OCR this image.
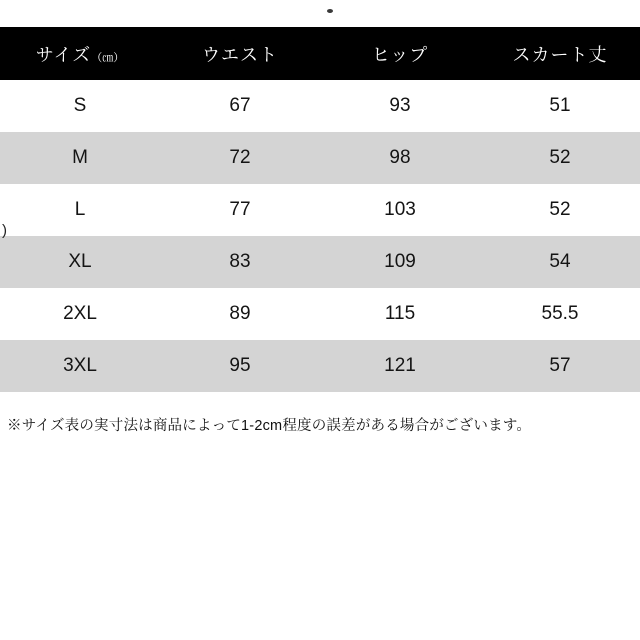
サイズ（㎝）	ウエスト	ヒップ	スカート丈
S	67	93	51
M	72	98	52
L	77	103	52
XL	83	109	54
2XL	89	115	55.5
3XL	95	121	57
)
※サイズ表の実寸法は商品によって1-2cm程度の誤差がある場合がございます。
